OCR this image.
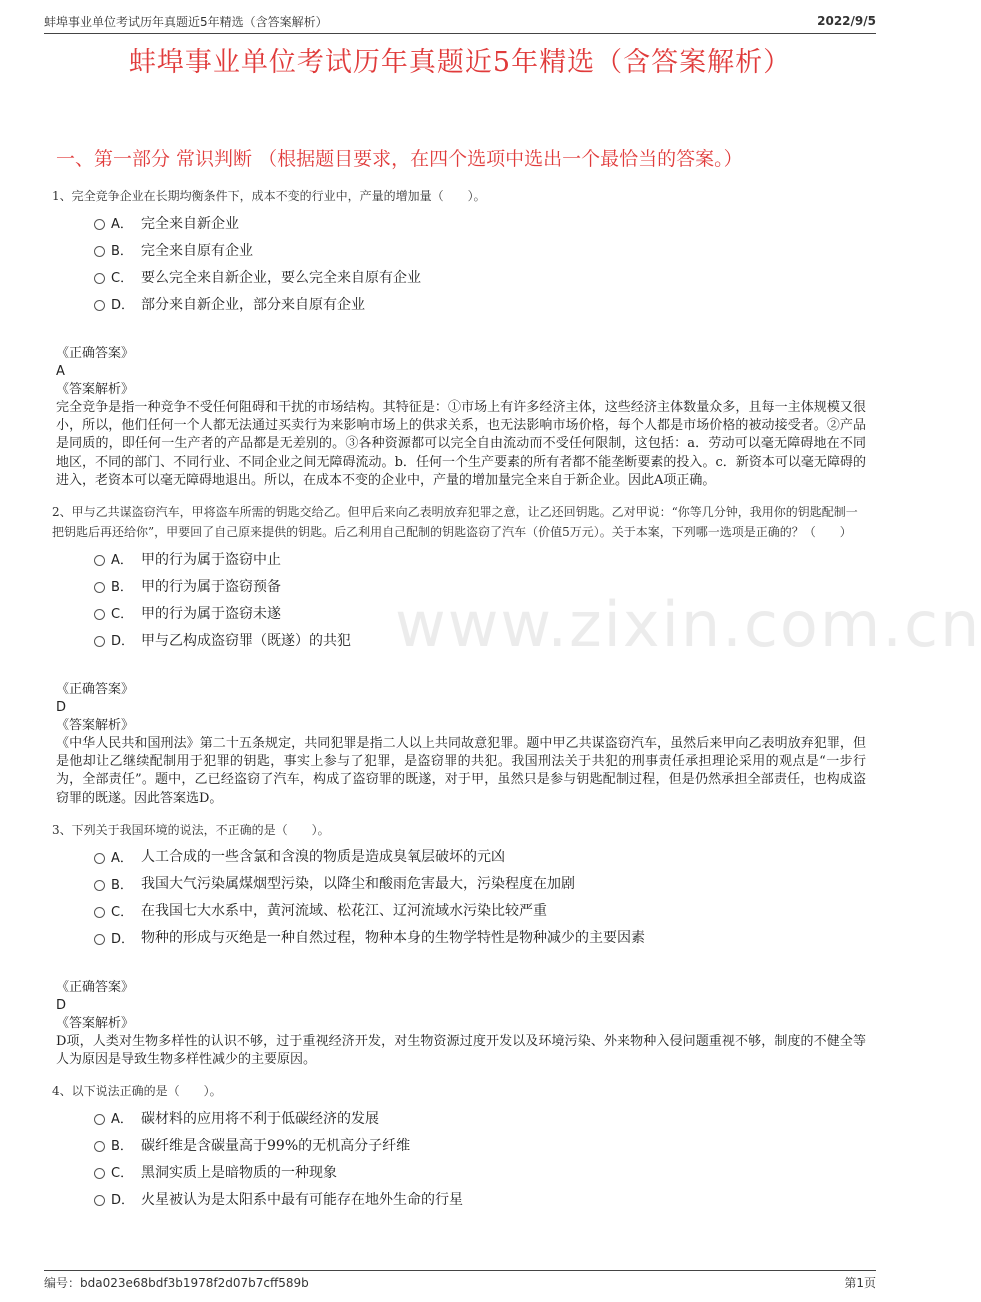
蚌埠事业单位考试历年真题近5年精选（含答案解析）	2022/9/5
蚌埠事业单位考试历年真题近5年精选（含答案解析）
一、第一部分 常识判断 （根据题目要求，在四个选项中选出一个最恰当的答案。）
www.zixin.com.cn
1、完全竞争企业在长期均衡条件下，成本不变的行业中，产量的增加量（　　）。
A． 完全来自新企业
B． 完全来自原有企业
C． 要么完全来自新企业，要么完全来自原有企业
D． 部分来自新企业，部分来自原有企业
《正确答案》
A
《答案解析》
完全竞争是指一种竞争不受任何阻碍和干扰的市场结构。其特征是：①市场上有许多经济主体，这些经济主体数量众多，且每一主体规模又很小，所以，他们任何一个人都无法通过买卖行为来影响市场上的供求关系，也无法影响市场价格，每个人都是市场价格的被动接受者。②产品是同质的，即任何一生产者的产品都是无差别的。③各种资源都可以完全自由流动而不受任何限制，这包括：a．劳动可以毫无障碍地在不同地区，不同的部门、不同行业、不同企业之间无障碍流动。b．任何一个生产要素的所有者都不能垄断要素的投入。c．新资本可以毫无障碍的进入，老资本可以毫无障碍地退出。所以，在成本不变的企业中，产量的增加量完全来自于新企业。因此A项正确。
2、甲与乙共谋盗窃汽车，甲将盗车所需的钥匙交给乙。但甲后来向乙表明放弃犯罪之意，让乙还回钥匙。乙对甲说：“你等几分钟，我用你的钥匙配制一把钥匙后再还给你”，甲要回了自己原来提供的钥匙。后乙利用自己配制的钥匙盗窃了汽车（价值5万元）。关于本案，下列哪一选项是正确的？（　　）
A． 甲的行为属于盗窃中止
B． 甲的行为属于盗窃预备
C． 甲的行为属于盗窃未遂
D． 甲与乙构成盗窃罪（既遂）的共犯
《正确答案》
D
《答案解析》
《中华人民共和国刑法》第二十五条规定，共同犯罪是指二人以上共同故意犯罪。题中甲乙共谋盗窃汽车，虽然后来甲向乙表明放弃犯罪，但是他却让乙继续配制用于犯罪的钥匙，事实上参与了犯罪，是盗窃罪的共犯。我国刑法关于共犯的刑事责任承担理论采用的观点是“一步行为，全部责任”。题中，乙已经盗窃了汽车，构成了盗窃罪的既遂，对于甲，虽然只是参与钥匙配制过程，但是仍然承担全部责任，也构成盗窃罪的既遂。因此答案选D。
3、下列关于我国环境的说法，不正确的是（　　）。
A． 人工合成的一些含氯和含溴的物质是造成臭氧层破坏的元凶
B． 我国大气污染属煤烟型污染，以降尘和酸雨危害最大，污染程度在加剧
C． 在我国七大水系中，黄河流域、松花江、辽河流域水污染比较严重
D． 物种的形成与灭绝是一种自然过程，物种本身的生物学特性是物种减少的主要因素
《正确答案》
D
《答案解析》
D项，人类对生物多样性的认识不够，过于重视经济开发，对生物资源过度开发以及环境污染、外来物种入侵问题重视不够，制度的不健全等人为原因是导致生物多样性减少的主要原因。
4、以下说法正确的是（　　）。
A． 碳材料的应用将不利于低碳经济的发展
B． 碳纤维是含碳量高于99%的无机高分子纤维
C． 黑洞实质上是暗物质的一种现象
D． 火星被认为是太阳系中最有可能存在地外生命的行星
编号：bda023e68bdf3b1978f2d07b7cff589b	第1页
